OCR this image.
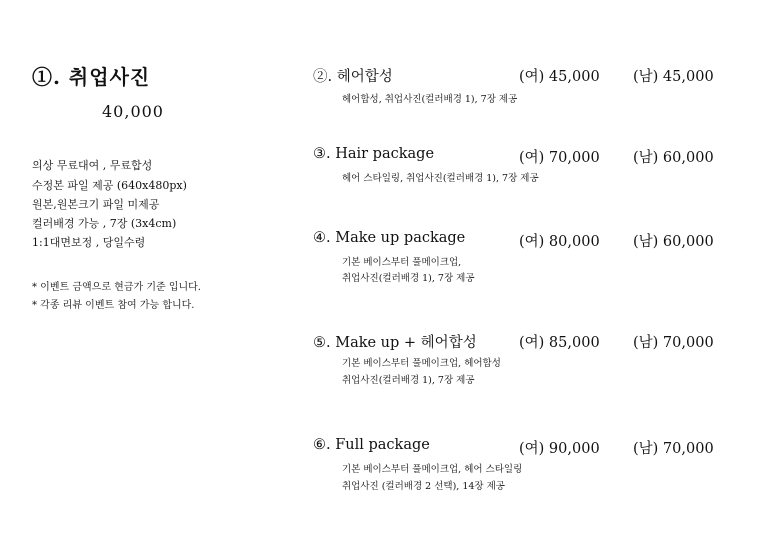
①. 취업사진
40,000
의상 무료대여 , 무료합성
수정본 파일 제공 (640x480px)
원본,원본크기 파일 미제공
컬러배경 가능 , 7장 (3x4cm)
1:1대면보정 , 당일수령
* 이벤트 금액으로 현금가 기준 입니다.
* 각종 리뷰 이벤트 참여 가능 합니다.
②. 헤어합성	(여) 45,000 (남) 45,000
헤어합성, 취업사진(컬러배경 1), 7장 제공
③. Hair package	(여) 70,000 (남) 60,000
헤어 스타일링, 취업사진(컬러배경 1), 7장 제공
④. Make up package	(여) 80,000 (남) 60,000
기본 베이스부터 풀메이크업,
취업사진(컬러배경 1), 7장 제공
⑤. Make up + 헤어합성	(여) 85,000 (남) 70,000
기본 베이스부터 풀메이크업, 헤어합성
취업사진(컬러배경 1), 7장 제공
⑥. Full package	(여) 90,000 (남) 70,000
기본 베이스부터 풀메이크업, 헤어 스타일링
취업사진 (컬러배경 2 선택), 14장 제공
